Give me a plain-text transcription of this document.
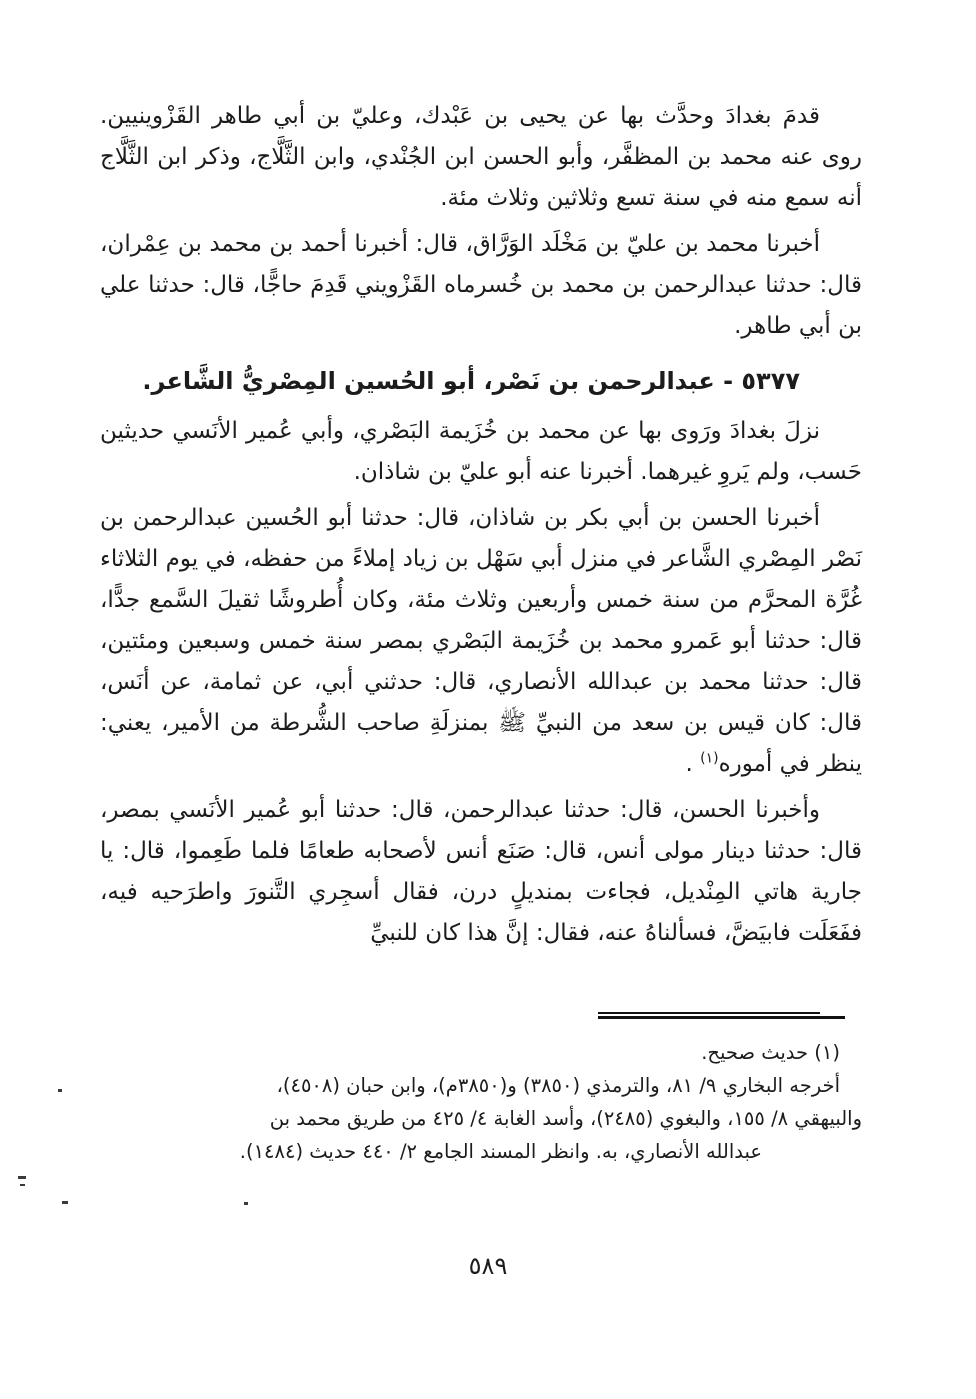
قدمَ بغدادَ وحدَّث بها عن يحيى بن عَبْدك، وعليّ بن أبي طاهر القَزْوينيين. روى عنه محمد بن المظفَّر، وأبو الحسن ابن الجُنْدي، وابن الثَّلَّاج، وذكر ابن الثَّلَّاج أنه سمع منه في سنة تسع وثلاثين وثلاث مئة.

أخبرنا محمد بن عليّ بن مَخْلَد الوَرَّاق، قال: أخبرنا أحمد بن محمد بن عِمْران، قال: حدثنا عبدالرحمن بن محمد بن خُسرماه القَزْويني قَدِمَ حاجًّا، قال: حدثنا علي بن أبي طاهر.

٥٣٧٧ - عبدالرحمن بن نَصْر، أبو الحُسين المِصْريُّ الشَّاعر.

نزلَ بغدادَ ورَوى بها عن محمد بن خُزَيمة البَصْري، وأبي عُمير الأنَسي حديثين حَسب، ولم يَروِ غيرهما. أخبرنا عنه أبو عليّ بن شاذان.

أخبرنا الحسن بن أبي بكر بن شاذان، قال: حدثنا أبو الحُسين عبدالرحمن بن نَصْر المِصْري الشَّاعر في منزل أبي سَهْل بن زياد إملاءً من حفظه، في يوم الثلاثاء غُرَّة المحرَّم من سنة خمس وأربعين وثلاث مئة، وكان أُطروشًا ثقيلَ السَّمع جدًّا، قال: حدثنا أبو عَمرو محمد بن خُزَيمة البَصْري بمصر سنة خمس وسبعين ومئتين، قال: حدثنا محمد بن عبدالله الأنصاري، قال: حدثني أبي، عن ثمامة، عن أنَس، قال: كان قيس بن سعد من النبيِّ ﷺ بمنزلَةِ صاحب الشُّرطة من الأمير، يعني: ينظر في أموره$^{(١)}$ .

وأخبرنا الحسن، قال: حدثنا عبدالرحمن، قال: حدثنا أبو عُمير الأنَسي بمصر، قال: حدثنا دينار مولى أنس، قال: صَنَع أنس لأصحابه طعامًا فلما طَعِموا، قال: يا جارية هاتي المِنْديل، فجاءت بمنديلٍ درن، فقال أسجِري التَّنورَ واطرَحيه فيه، ففَعَلَت فابيَضَّ، فسألناهُ عنه، فقال: إنَّ هذا كان للنبيِّ

(١) حديث صحيح.
أخرجه البخاري ٩/ ٨١، والترمذي (٣٨٥٠) و(٣٨٥٠م)، وابن حبان (٤٥٠٨)،
والبيهقي ٨/ ١٥٥، والبغوي (٢٤٨٥)، وأسد الغابة ٤/ ٤٢٥ من طريق محمد بن
عبدالله الأنصاري، به. وانظر المسند الجامع ٢/ ٤٤٠ حديث (١٤٨٤).
٥٨٩
